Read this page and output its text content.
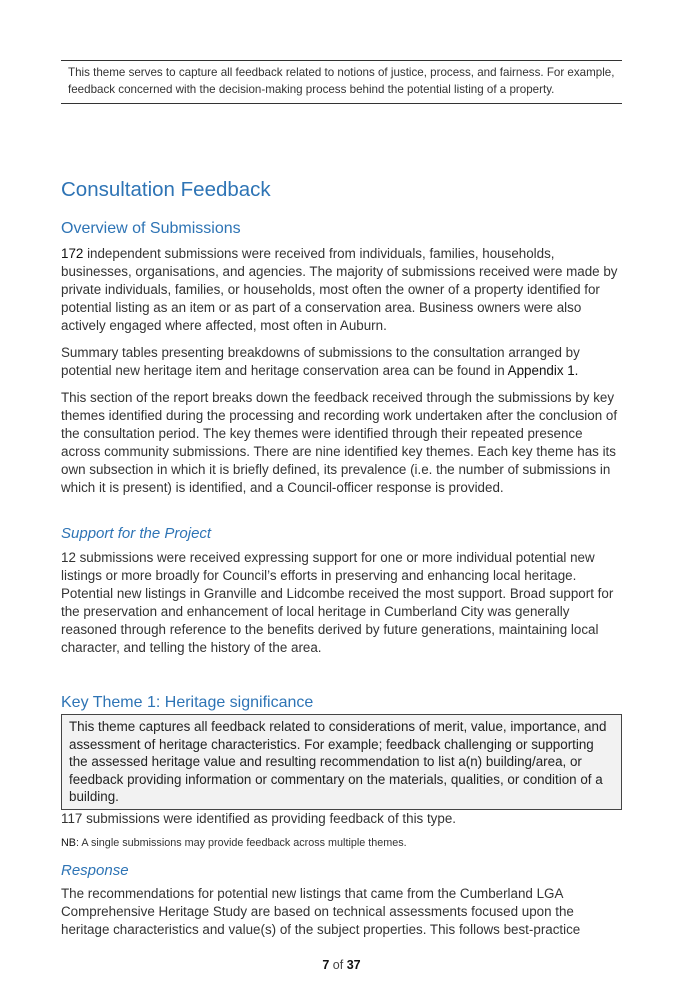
This theme serves to capture all feedback related to notions of justice, process, and fairness. For example, feedback concerned with the decision-making process behind the potential listing of a property.
Consultation Feedback
Overview of Submissions

172 independent submissions were received from individuals, families, households, businesses, organisations, and agencies. The majority of submissions received were made by private individuals, families, or households, most often the owner of a property identified for potential listing as an item or as part of a conservation area. Business owners were also actively engaged where affected, most often in Auburn.

Summary tables presenting breakdowns of submissions to the consultation arranged by potential new heritage item and heritage conservation area can be found in Appendix 1.

This section of the report breaks down the feedback received through the submissions by key themes identified during the processing and recording work undertaken after the conclusion of the consultation period. The key themes were identified through their repeated presence across community submissions. There are nine identified key themes. Each key theme has its own subsection in which it is briefly defined, its prevalence (i.e. the number of submissions in which it is present) is identified, and a Council-officer response is provided.

Support for the Project

12 submissions were received expressing support for one or more individual potential new listings or more broadly for Council’s efforts in preserving and enhancing local heritage. Potential new listings in Granville and Lidcombe received the most support. Broad support for the preservation and enhancement of local heritage in Cumberland City was generally reasoned through reference to the benefits derived by future generations, maintaining local character, and telling the history of the area.

Key Theme 1: Heritage significance
This theme captures all feedback related to considerations of merit, value, importance, and assessment of heritage characteristics. For example; feedback challenging or supporting the assessed heritage value and resulting recommendation to list a(n) building/area, or feedback providing information or commentary on the materials, qualities, or condition of a building.

117 submissions were identified as providing feedback of this type.

NB: A single submissions may provide feedback across multiple themes.

Response

The recommendations for potential new listings that came from the Cumberland LGA Comprehensive Heritage Study are based on technical assessments focused upon the heritage characteristics and value(s) of the subject properties. This follows best-practice

7 of 37
